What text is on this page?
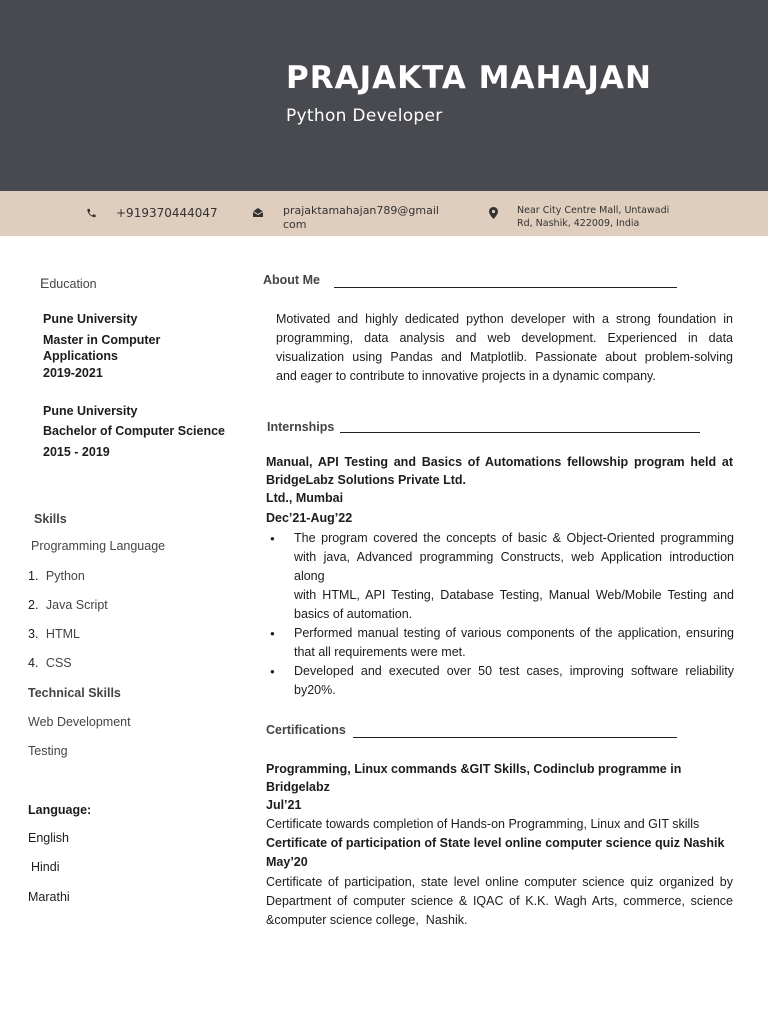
PRAJAKTA MAHAJAN
Python Developer
+919370444047	prajaktamahajan789@gmail
com
Near City Centre Mall, Untawadi
Rd, Nashik, 422009, India
Education
Pune University
Master in Computer
Applications
2019-2021
Pune University
Bachelor of Computer Science
2015 - 2019
Skills
Programming Language
1. Python
2. Java Script
3. HTML
4. CSS
Technical Skills
Web Development
Testing
Language:
English
Hindi
Marathi
About Me
Motivated and highly dedicated python developer with a strong foundation in
programming, data analysis and web development. Experienced in data
visualization using Pandas and Matplotlib. Passionate about problem-solving
and eager to contribute to innovative projects in a dynamic company.
Internships
Manual, API Testing and Basics of Automations fellowship program held at
BridgeLabz Solutions Private Ltd.
Ltd., Mumbai
Dec’21-Aug’22
● The program covered the concepts of basic & Object-Oriented programming
with java, Advanced programming Constructs, web Application introduction
along
with HTML, API Testing, Database Testing, Manual Web/Mobile Testing and
basics of automation.
● Performed manual testing of various components of the application, ensuring
that all requirements were met.
● Developed and executed over 50 test cases, improving software reliability
by20%.
Certifications
Programming, Linux commands &GIT Skills, Codinclub programme in
Bridgelabz
Jul’21
Certificate towards completion of Hands-on Programming, Linux and GIT skills
Certificate of participation of State level online computer science quiz Nashik
May’20
Certificate of participation, state level online computer science quiz organized by
Department of computer science & IQAC of K.K. Wagh Arts, commerce, science
&computer science college,  Nashik.
